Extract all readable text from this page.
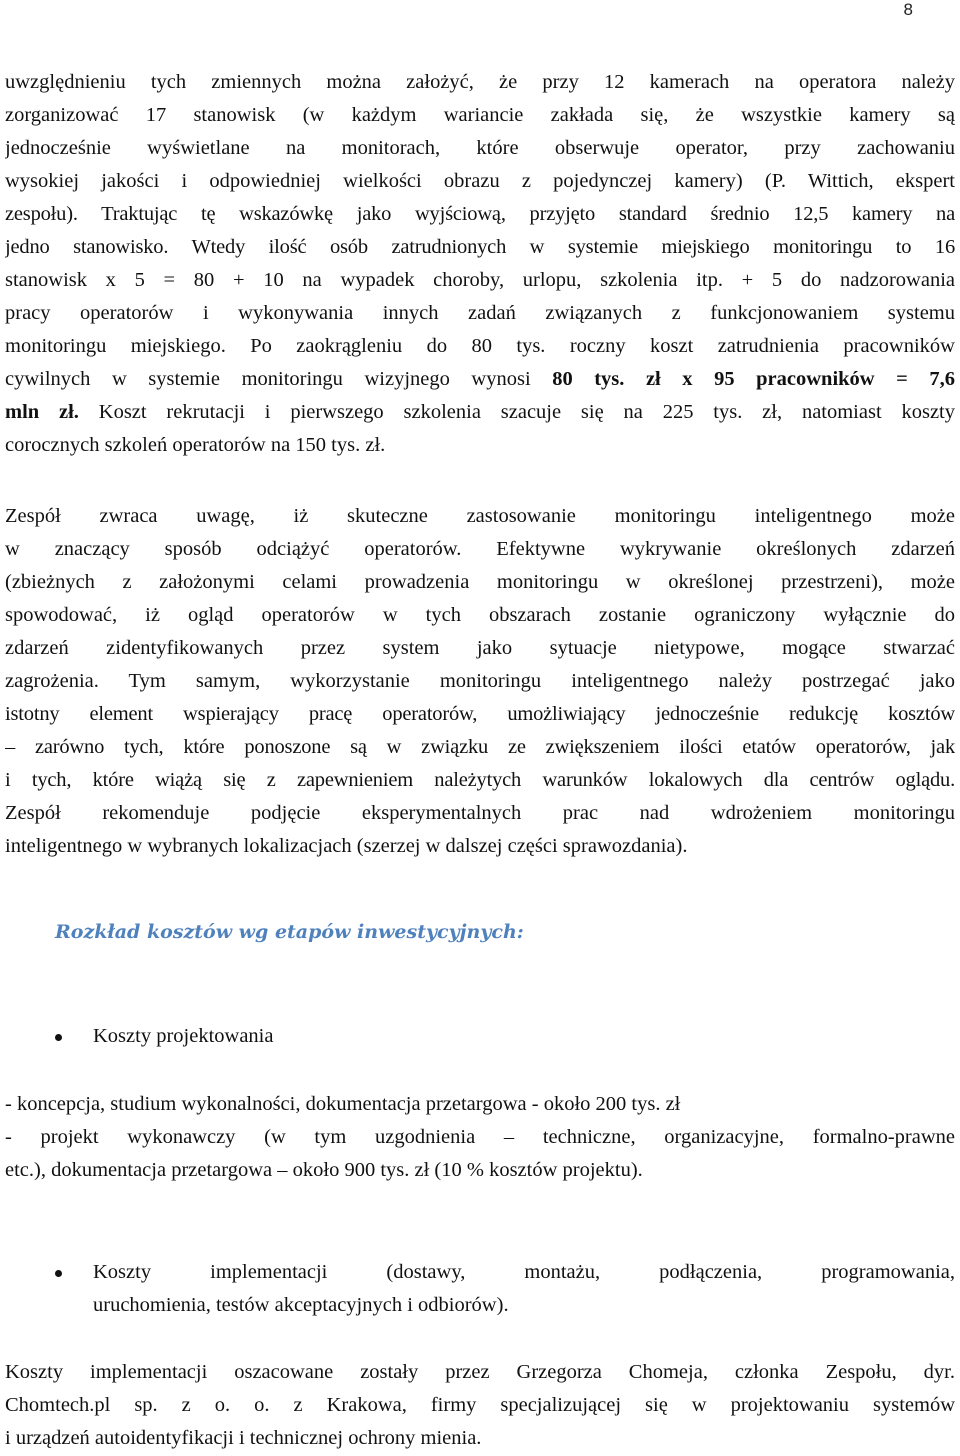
8
uwzględnieniu tych zmiennych można założyć, że przy 12 kamerach na operatora należy
zorganizować 17 stanowisk (w każdym wariancie zakłada się, że wszystkie kamery są
jednocześnie wyświetlane na monitorach, które obserwuje operator, przy zachowaniu
wysokiej jakości i odpowiedniej wielkości obrazu z pojedynczej kamery) (P. Wittich, ekspert
zespołu). Traktując tę wskazówkę jako wyjściową, przyjęto standard średnio 12,5 kamery na
jedno stanowisko. Wtedy ilość osób zatrudnionych w systemie miejskiego monitoringu to 16
stanowisk x 5 = 80 + 10 na wypadek choroby, urlopu, szkolenia itp. + 5 do nadzorowania
pracy operatorów i wykonywania innych zadań związanych z funkcjonowaniem systemu
monitoringu miejskiego. Po zaokrągleniu do 80 tys. roczny koszt zatrudnienia pracowników
cywilnych w systemie monitoringu wizyjnego wynosi 80 tys. zł x 95 pracowników = 7,6
mln zł. Koszt rekrutacji i pierwszego szkolenia szacuje się na 225 tys. zł, natomiast koszty
corocznych szkoleń operatorów na 150 tys. zł.
Zespół zwraca uwagę, iż skuteczne zastosowanie monitoringu inteligentnego może
w znaczący sposób odciążyć operatorów. Efektywne wykrywanie określonych zdarzeń
(zbieżnych z założonymi celami prowadzenia monitoringu w określonej przestrzeni), może
spowodować, iż ogląd operatorów w tych obszarach zostanie ograniczony wyłącznie do
zdarzeń zidentyfikowanych przez system jako sytuacje nietypowe, mogące stwarzać
zagrożenia. Tym samym, wykorzystanie monitoringu inteligentnego należy postrzegać jako
istotny element wspierający pracę operatorów, umożliwiający jednocześnie redukcję kosztów
– zarówno tych, które ponoszone są w związku ze zwiększeniem ilości etatów operatorów, jak
i tych, które wiążą się z zapewnieniem należytych warunków lokalowych dla centrów oglądu.
Zespół rekomenduje podjęcie eksperymentalnych prac nad wdrożeniem monitoringu
inteligentnego w wybranych lokalizacjach (szerzej w dalszej części sprawozdania).
Rozkład kosztów wg etapów inwestycyjnych:
Koszty projektowania
- koncepcja, studium wykonalności, dokumentacja przetargowa - około 200 tys. zł
- projekt wykonawczy (w tym uzgodnienia – techniczne, organizacyjne, formalno-prawne
etc.), dokumentacja przetargowa – około 900 tys. zł (10 % kosztów projektu).
Koszty implementacji (dostawy, montażu, podłączenia, programowania,
uruchomienia, testów akceptacyjnych i odbiorów).
Koszty implementacji oszacowane zostały przez Grzegorza Chomeja, członka Zespołu, dyr.
Chomtech.pl sp. z o. o. z Krakowa, firmy specjalizującej się w projektowaniu systemów
i urządzeń autoidentyfikacji i technicznej ochrony mienia.
